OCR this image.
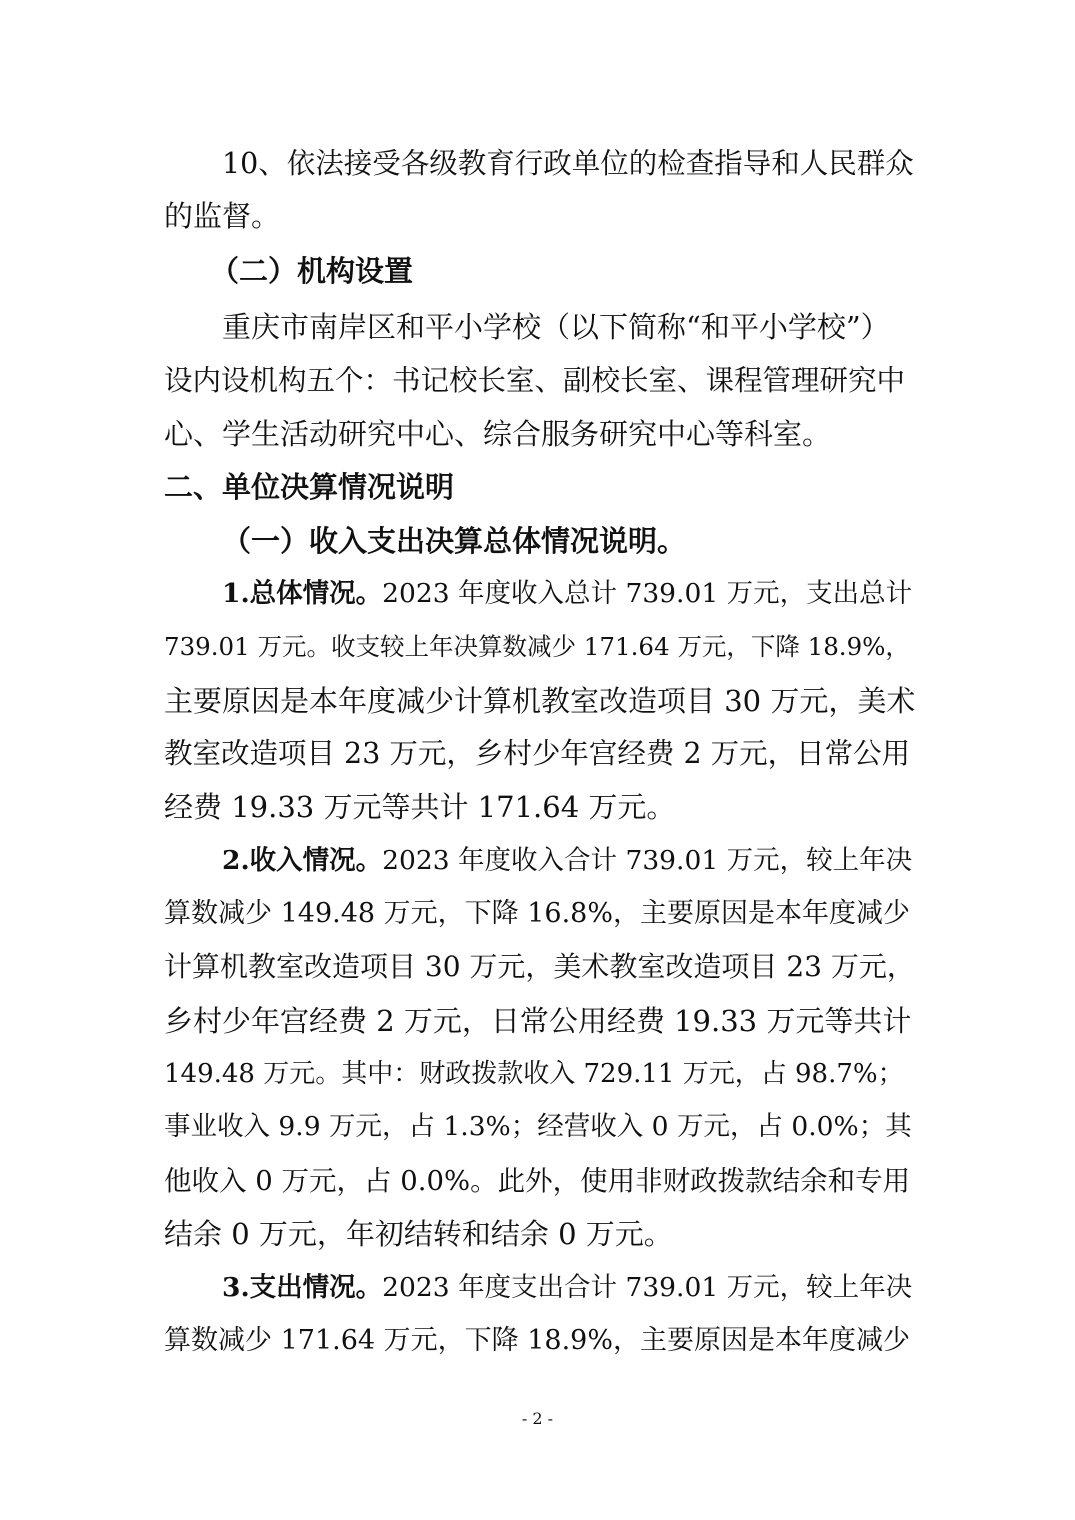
10、依法接受各级教育行政单位的检查指导和人民群众
的监督。
（二）机构设置
重庆市南岸区和平小学校（以下简称“和平小学校”）
设内设机构五个：书记校长室、副校长室、课程管理研究中
心、学生活动研究中心、综合服务研究中心等科室。
二、单位决算情况说明
（一）收入支出决算总体情况说明。
1.总体情况。2023 年度收入总计 739.01 万元，支出总计
739.01 万元。收支较上年决算数减少 171.64 万元，下降 18.9%，
主要原因是本年度减少计算机教室改造项目 30 万元，美术
教室改造项目 23 万元，乡村少年宫经费 2 万元，日常公用
经费 19.33 万元等共计 171.64 万元。
2.收入情况。2023 年度收入合计 739.01 万元，较上年决
算数减少 149.48 万元，下降 16.8%，主要原因是本年度减少
计算机教室改造项目 30 万元，美术教室改造项目 23 万元，
乡村少年宫经费 2 万元，日常公用经费 19.33 万元等共计
149.48 万元。其中：财政拨款收入 729.11 万元，占 98.7%；
事业收入 9.9 万元，占 1.3%；经营收入 0 万元，占 0.0%；其
他收入 0 万元，占 0.0%。此外，使用非财政拨款结余和专用
结余 0 万元，年初结转和结余 0 万元。
3.支出情况。2023 年度支出合计 739.01 万元，较上年决
算数减少 171.64 万元，下降 18.9%，主要原因是本年度减少
- 2 -
